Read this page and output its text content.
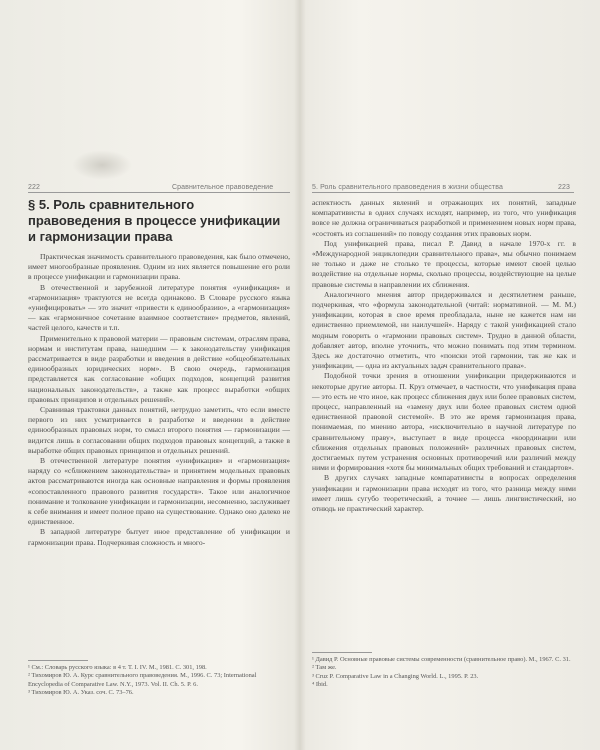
222	Сравнительное правоведение
§ 5. Роль сравнительного правоведения в процессе унификации и гармонизации права

Практическая значимость сравнительного правоведения, как было отмечено, имеет многообразные проявления. Одним из них является повышение его роли в процессе унификации и гармонизации права.

В отечественной и зарубежной литературе понятия «унификация» и «гармонизация» трактуются не всегда одинаково. В Словаре русского языка «унифицировать» — это значит «привести к единообразию», а «гармонизация» — как «гармоничное сочетание взаимное соответствие» предметов, явлений, частей целого, качеств и т.п.

Применительно к правовой материи — правовым системам, отраслям права, нормам и институтам права, нашедшим — к законодательству унификация рассматривается в виде разработки и введения в действие «общеобязательных единообразных юридических норм». В свою очередь, гармонизация представляется как согласование «общих подходов, концепций развития национальных законодательств», а также как процесс выработки «общих правовых принципов и отдельных решений».

Сравнивая трактовки данных понятий, нетрудно заметить, что если вместе первого из них усматривается в разработке и введении в действие единообразных правовых норм, то смысл второго понятия — гармонизации — видится лишь в согласовании общих подходов правовых концепций, а также в выработке общих правовых принципов и отдельных решений.

В отечественной литературе понятия «унификация» и «гармонизация» наряду со «сближением законодательства» и принятием модельных правовых актов рассматриваются иногда как основные направления и формы проявления «сопоставленного правового развития государств». Такое или аналогичное понимание и толкование унификации и гармонизации, несомненно, заслуживает к себе внимания и имеет полное право на существование. Однако оно далеко не единственное.

В западной литературе бытует иное представление об унификации и гармонизации права. Подчеркивая сложность и много-

¹ См.: Словарь русского языка: в 4 т. Т. I. IV. М., 1981. С. 301, 198.

² Тихомиров Ю. А. Курс сравнительного правоведения. М., 1996. С. 73; International Encyclopedia of Comparative Law. N.Y., 1973. Vol. II. Ch. 5. P. 6.

³ Тихомиров Ю. А. Указ. соч. С. 73–76.

5. Роль сравнительного правоведения в жизни общества	223

аспектность данных явлений и отражающих их понятий, западные компаративисты в одних случаях исходят, например, из того, что унификация вовсе не должна ограничиваться разработкой и применением новых норм права, «состоять из соглашений» по поводу создания этих правовых норм.

Под унификацией права, писал Р. Давид в начале 1970-х гг. в «Международной энциклопедии сравнительного права», мы обычно понимаем не только и даже не столько те процессы, которые имеют своей целью воздействие на отдельные нормы, сколько процессы, воздействующие на целые правовые системы в направлении их сближения.

Аналогичного мнения автор придерживался и десятилетием раньше, подчеркивая, что «формула законодательной (читай: нормативной. — М. М.) унификации, которая в свое время преобладала, ныне не кажется нам ни единственно приемлемой, ни наилучшей». Наряду с такой унификацией стало модным говорить о «гармонии правовых систем». Трудно в данной области, добавляет автор, вполне уточнить, что можно понимать под этим термином. Здесь же достаточно отметить, что «поиски этой гармонии, так же как и унификации, — одна из актуальных задач сравнительного права».

Подобной точки зрения в отношении унификации придерживаются и некоторые другие авторы. П. Круз отмечает, в частности, что унификация права — это есть не что иное, как процесс сближения двух или более правовых систем, процесс, направленный на «замену двух или более правовых систем одной единственной правовой системой». В это же время гармонизация права, понимаемая, по мнению автора, «исключительно в научной литературе по сравнительному праву», выступает в виде процесса «координации или сближения отдельных правовых положений» различных правовых систем, достигаемых путем устранения основных противоречий или различий между ними и формирования «хотя бы минимальных общих требований и стандартов».

В других случаях западные компаративисты в вопросах определения унификации и гармонизации права исходят из того, что разница между ними имеет лишь сугубо теоретический, а точнее — лишь лингвистический, но отнюдь не практический характер.

¹ Давид Р. Основные правовые системы современности (сравнительное право). М., 1967. С. 31.

² Там же.

³ Cruz P. Comparative Law in a Changing World. L., 1995. P. 23.

⁴ Ibid.
